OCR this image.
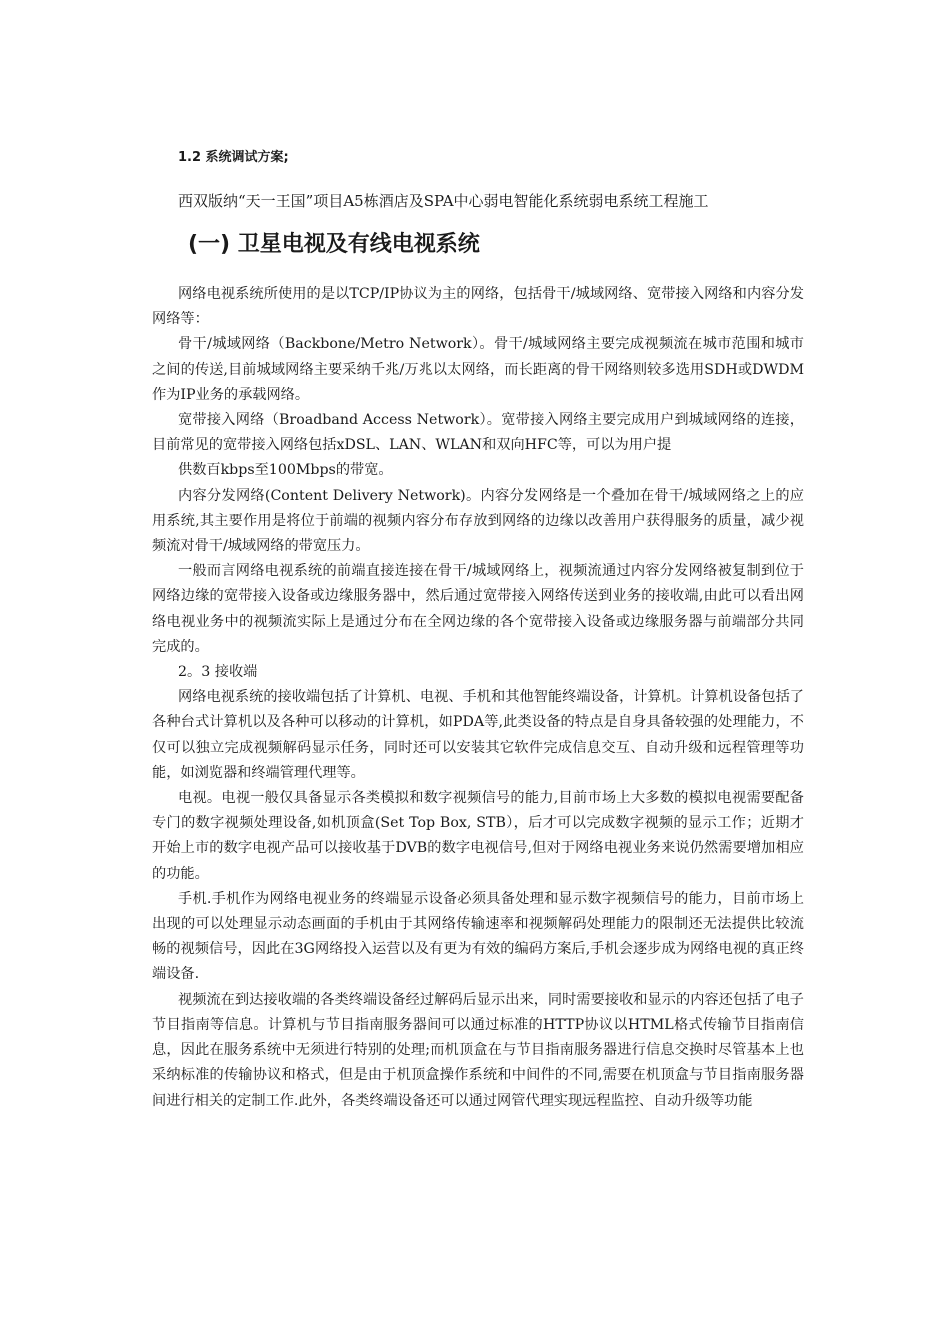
1.2 系统调试方案;

西双版纳“天一王国”项目A5栋酒店及SPA中心弱电智能化系统弱电系统工程施工

(一) 卫星电视及有线电视系统

网络电视系统所使用的是以TCP/IP协议为主的网络，包括骨干/城域网络、宽带接入网络和内容分发网络等：

骨干/城域网络（Backbone/Metro Network）。骨干/城域网络主要完成视频流在城市范围和城市之间的传送,目前城域网络主要采纳千兆/万兆以太网络，而长距离的骨干网络则较多选用SDH或DWDM作为IP业务的承载网络。

宽带接入网络（Broadband Access Network）。宽带接入网络主要完成用户到城域网络的连接，目前常见的宽带接入网络包括xDSL、LAN、WLAN和双向HFC等，可以为用户提

供数百kbps至100Mbps的带宽。

内容分发网络(Content Delivery Network)。内容分发网络是一个叠加在骨干/城域网络之上的应用系统,其主要作用是将位于前端的视频内容分布存放到网络的边缘以改善用户获得服务的质量，减少视频流对骨干/城域网络的带宽压力。

一般而言网络电视系统的前端直接连接在骨干/城域网络上，视频流通过内容分发网络被复制到位于网络边缘的宽带接入设备或边缘服务器中，然后通过宽带接入网络传送到业务的接收端,由此可以看出网络电视业务中的视频流实际上是通过分布在全网边缘的各个宽带接入设备或边缘服务器与前端部分共同完成的。

2。3 接收端

网络电视系统的接收端包括了计算机、电视、手机和其他智能终端设备，计算机。计算机设备包括了各种台式计算机以及各种可以移动的计算机，如PDA等,此类设备的特点是自身具备较强的处理能力，不仅可以独立完成视频解码显示任务，同时还可以安装其它软件完成信息交互、自动升级和远程管理等功能，如浏览器和终端管理代理等。

电视。电视一般仅具备显示各类模拟和数字视频信号的能力,目前市场上大多数的模拟电视需要配备专门的数字视频处理设备,如机顶盒(Set Top Box, STB），后才可以完成数字视频的显示工作；近期才开始上市的数字电视产品可以接收基于DVB的数字电视信号,但对于网络电视业务来说仍然需要增加相应的功能。

手机.手机作为网络电视业务的终端显示设备必须具备处理和显示数字视频信号的能力，目前市场上出现的可以处理显示动态画面的手机由于其网络传输速率和视频解码处理能力的限制还无法提供比较流畅的视频信号，因此在3G网络投入运营以及有更为有效的编码方案后,手机会逐步成为网络电视的真正终端设备.

视频流在到达接收端的各类终端设备经过解码后显示出来，同时需要接收和显示的内容还包括了电子节目指南等信息。计算机与节目指南服务器间可以通过标准的HTTP协议以HTML格式传输节目指南信息，因此在服务系统中无须进行特别的处理;而机顶盒在与节目指南服务器进行信息交换时尽管基本上也采纳标准的传输协议和格式，但是由于机顶盒操作系统和中间件的不同,需要在机顶盒与节目指南服务器间进行相关的定制工作.此外，各类终端设备还可以通过网管代理实现远程监控、自动升级等功能
